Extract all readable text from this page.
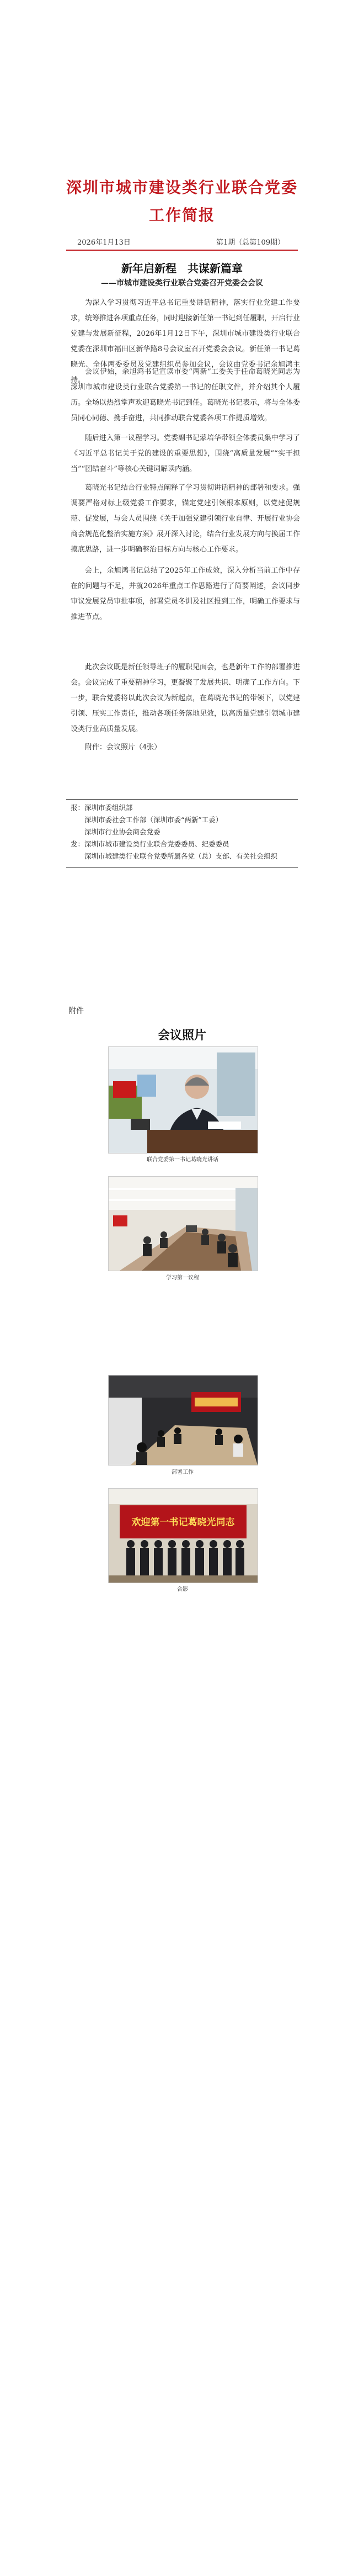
深圳市城市建设类行业联合党委
工作简报
2026年1月13日	第1期（总第109期）
新年启新程　共谋新篇章
——市城市建设类行业联合党委召开党委会会议
为深入学习贯彻习近平总书记重要讲话精神，落实行业党建工作要求，统筹推进各项重点任务，同时迎接新任第一书记到任履职，开启行业党建与发展新征程，2026年1月12日下午，深圳市城市建设类行业联合党委在深圳市福田区新华路8号会议室召开党委会会议。新任第一书记葛晓光、全体两委委员及党建组织员参加会议，会议由党委书记余旭鸿主持。
会议伊始，余旭鸿书记宣读市委“两新”工委关于任命葛晓光同志为深圳市城市建设类行业联合党委第一书记的任职文件，并介绍其个人履历。全场以热烈掌声欢迎葛晓光书记到任。葛晓光书记表示，将与全体委员同心同德、携手奋进，共同推动联合党委各项工作提质增效。
随后进入第一议程学习。党委副书记蒙培华带领全体委员集中学习了《习近平总书记关于党的建设的重要思想》，围绕“高质量发展”“实干担当”“团结奋斗”等核心关键词解读内涵。
葛晓光书记结合行业特点阐释了学习贯彻讲话精神的部署和要求。强调要严格对标上级党委工作要求，锚定党建引领根本原则，以党建促规范、促发展，与会人员围绕《关于加强党建引领行业自律、开展行业协会商会规范化整治实施方案》展开深入讨论，结合行业发展方向与换届工作摸底思路，进一步明确整治目标方向与核心工作要求。
会上，余旭鸿书记总结了2025年工作成效，深入分析当前工作中存在的问题与不足，并就2026年重点工作思路进行了简要阐述，会议同步审议发展党员审批事项，部署党员冬训及社区报到工作，明确工作要求与推进节点。
此次会议既是新任领导班子的履职见面会，也是新年工作的部署推进会。会议完成了重要精神学习，更凝聚了发展共识、明确了工作方向。下一步，联合党委将以此次会议为新起点，在葛晓光书记的带领下，以党建引领、压实工作责任，推动各项任务落地见效，以高质量党建引领城市建设类行业高质量发展。
附件：会议照片（4张）
报：深圳市委组织部
深圳市委社会工作部（深圳市委“两新”工委）
深圳市行业协会商会党委
发：深圳市城市建设类行业联合党委委员、纪委委员
深圳市城建类行业联合党委所属各党（总）支部、有关社会组织
附件
会议照片
联合党委第一书记葛晓光讲话
学习第一议程
部署工作
欢迎第一书记葛晓光同志
合影
